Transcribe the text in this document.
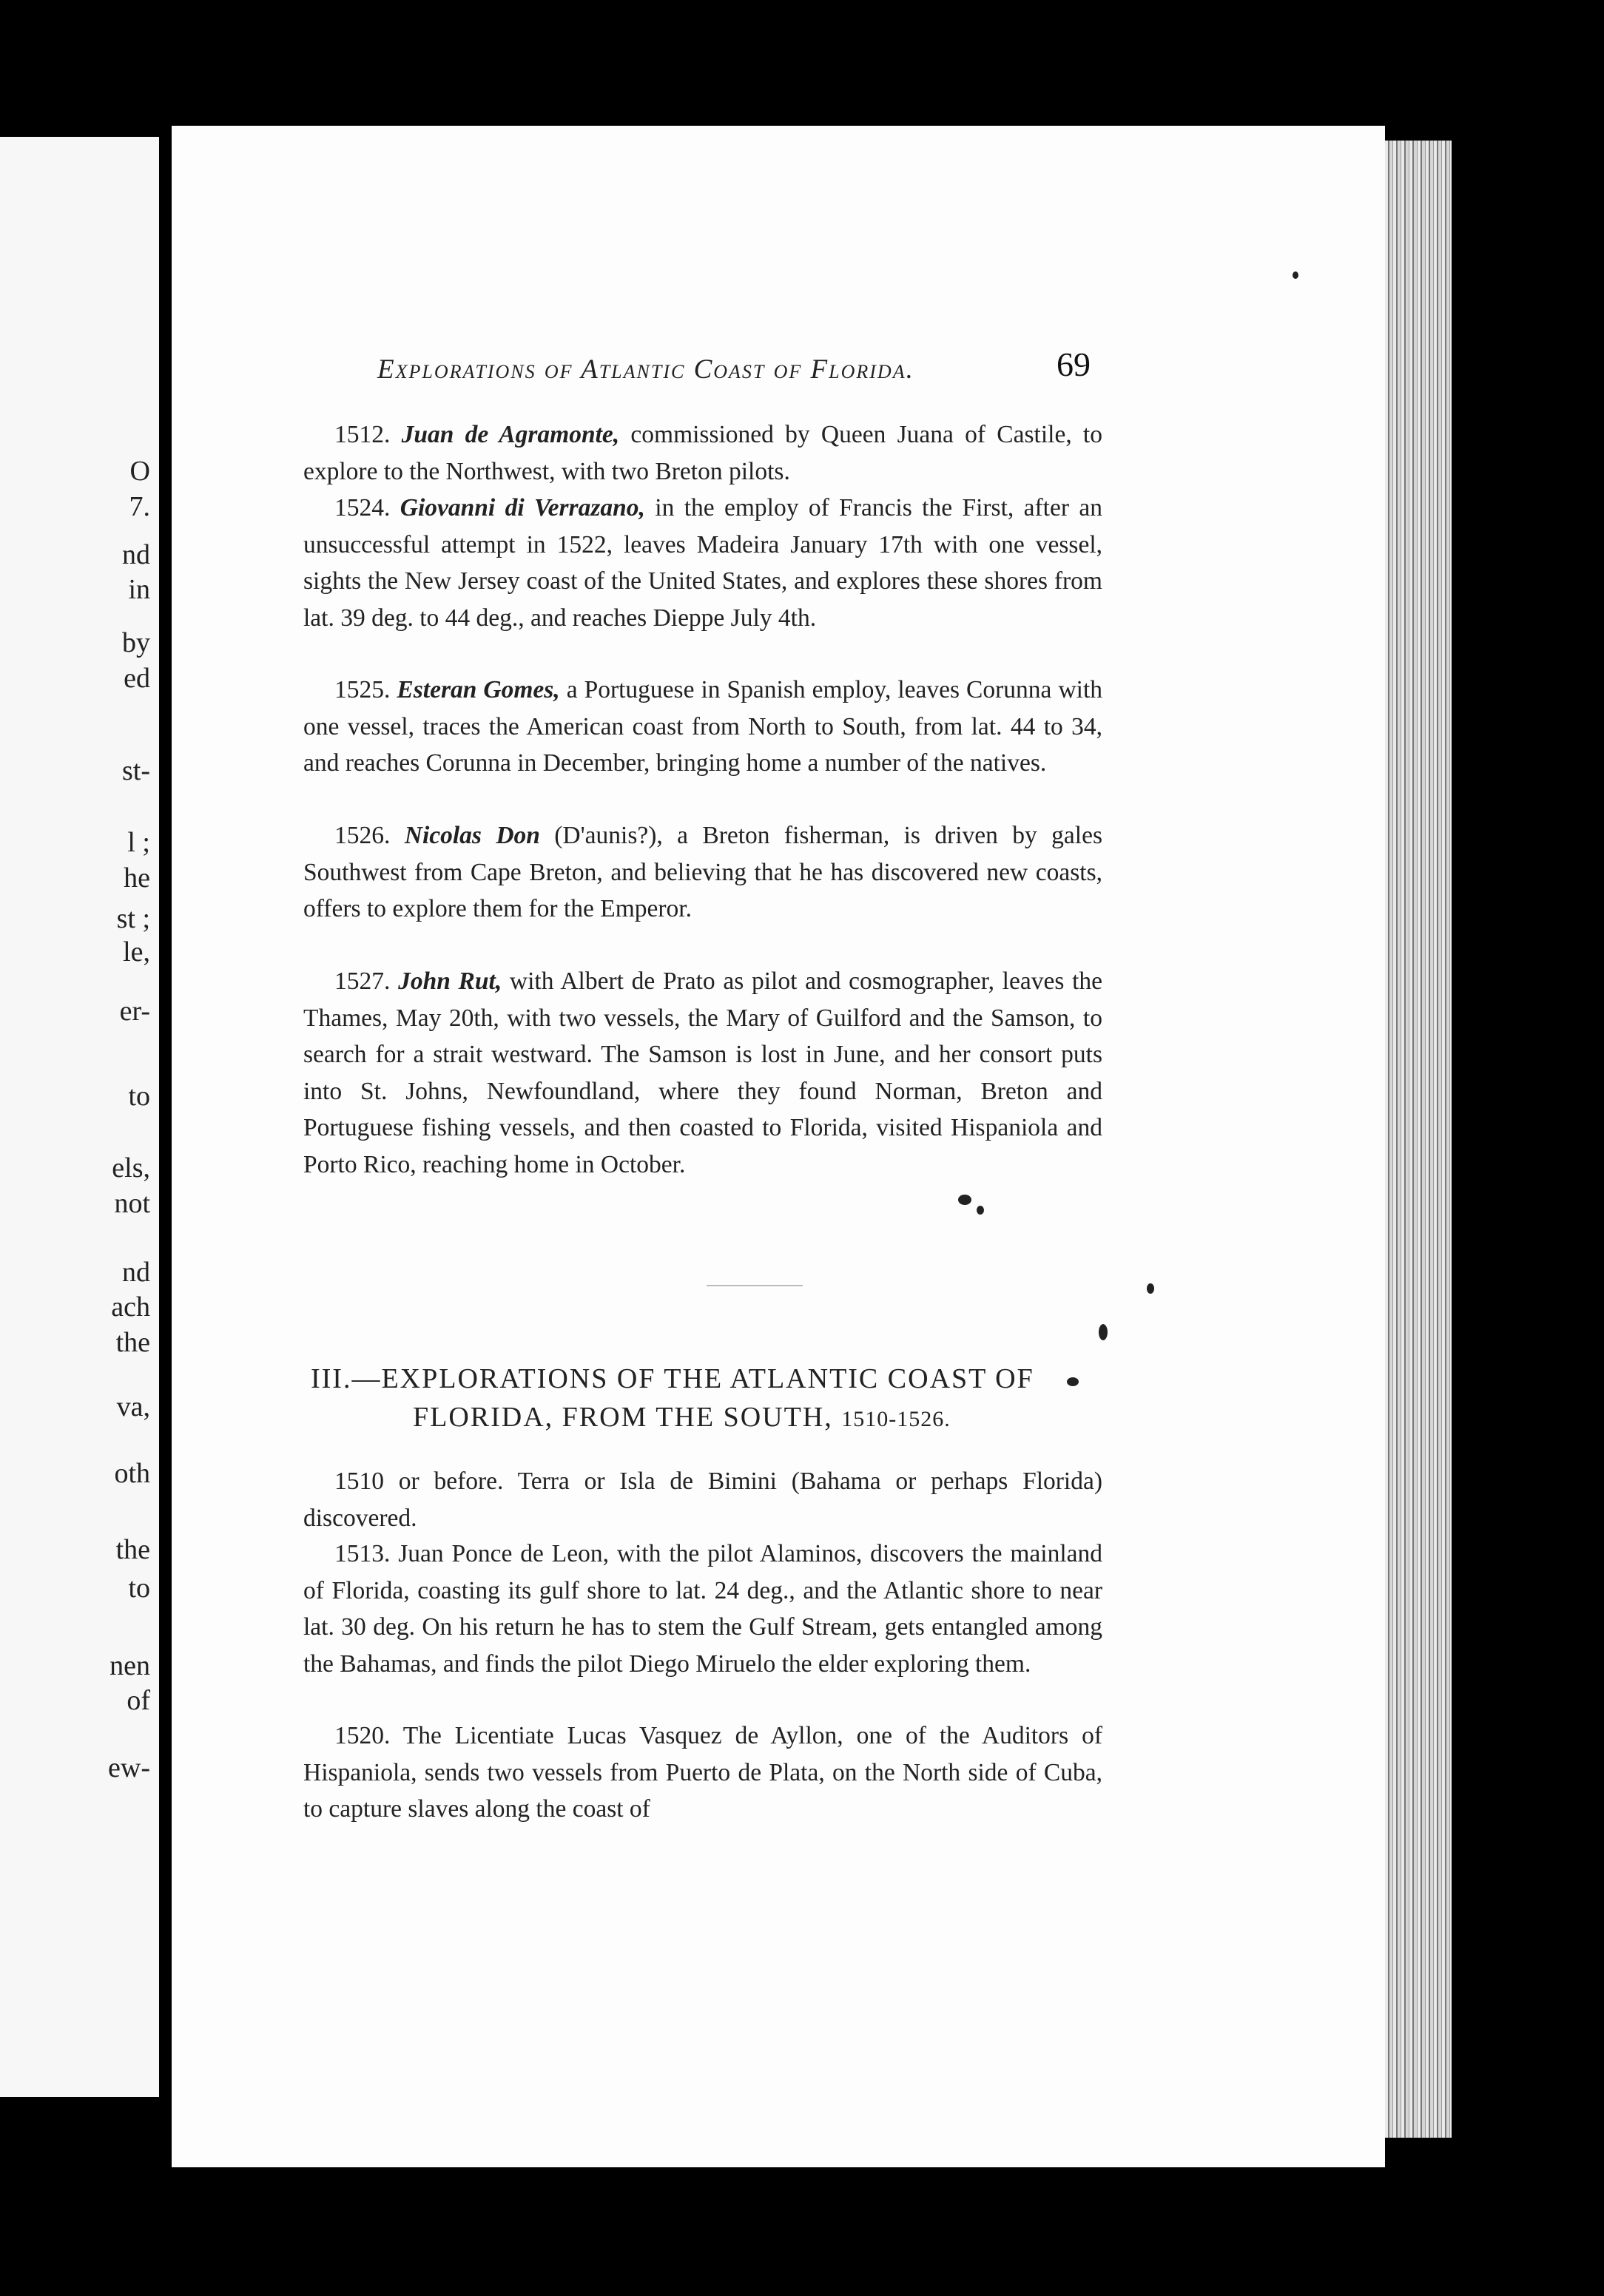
O
7.
nd
in
by
ed
st-
l ;
he
st ;
le,
er-
to
els,
not
nd
ach
the
va,
oth
the
to
nen
of
ew-
Explorations of Atlantic Coast of Florida.	69

1512. Juan de Agramonte, commissioned by Queen Juana of Castile, to explore to the Northwest, with two Breton pilots.

1524. Giovanni di Verrazano, in the employ of Francis the First, after an unsuccessful attempt in 1522, leaves Madeira January 17th with one vessel, sights the New Jersey coast of the United States, and explores these shores from lat. 39 deg. to 44 deg., and reaches Dieppe July 4th.

1525. Esteran Gomes, a Portuguese in Spanish employ, leaves Corunna with one vessel, traces the American coast from North to South, from lat. 44 to 34, and reaches Corunna in December, bringing home a number of the natives.

1526. Nicolas Don (D'aunis?), a Breton fisherman, is driven by gales Southwest from Cape Breton, and believing that he has discovered new coasts, offers to explore them for the Emperor.

1527. John Rut, with Albert de Prato as pilot and cosmographer, leaves the Thames, May 20th, with two vessels, the Mary of Guilford and the Samson, to search for a strait westward. The Samson is lost in June, and her consort puts into St. Johns, Newfoundland, where they found Norman, Breton and Portuguese fishing vessels, and then coasted to Florida, visited Hispaniola and Porto Rico, reaching home in October.

III.—EXPLORATIONS OF THE ATLANTIC COAST OF
FLORIDA, FROM THE SOUTH, 1510-1526.

1510 or before. Terra or Isla de Bimini (Bahama or perhaps Florida) discovered.

1513. Juan Ponce de Leon, with the pilot Alaminos, discovers the mainland of Florida, coasting its gulf shore to lat. 24 deg., and the Atlantic shore to near lat. 30 deg. On his return he has to stem the Gulf Stream, gets entangled among the Bahamas, and finds the pilot Diego Miruelo the elder exploring them.

1520. The Licentiate Lucas Vasquez de Ayllon, one of the Auditors of Hispaniola, sends two vessels from Puerto de Plata, on the North side of Cuba, to capture slaves along the coast of
